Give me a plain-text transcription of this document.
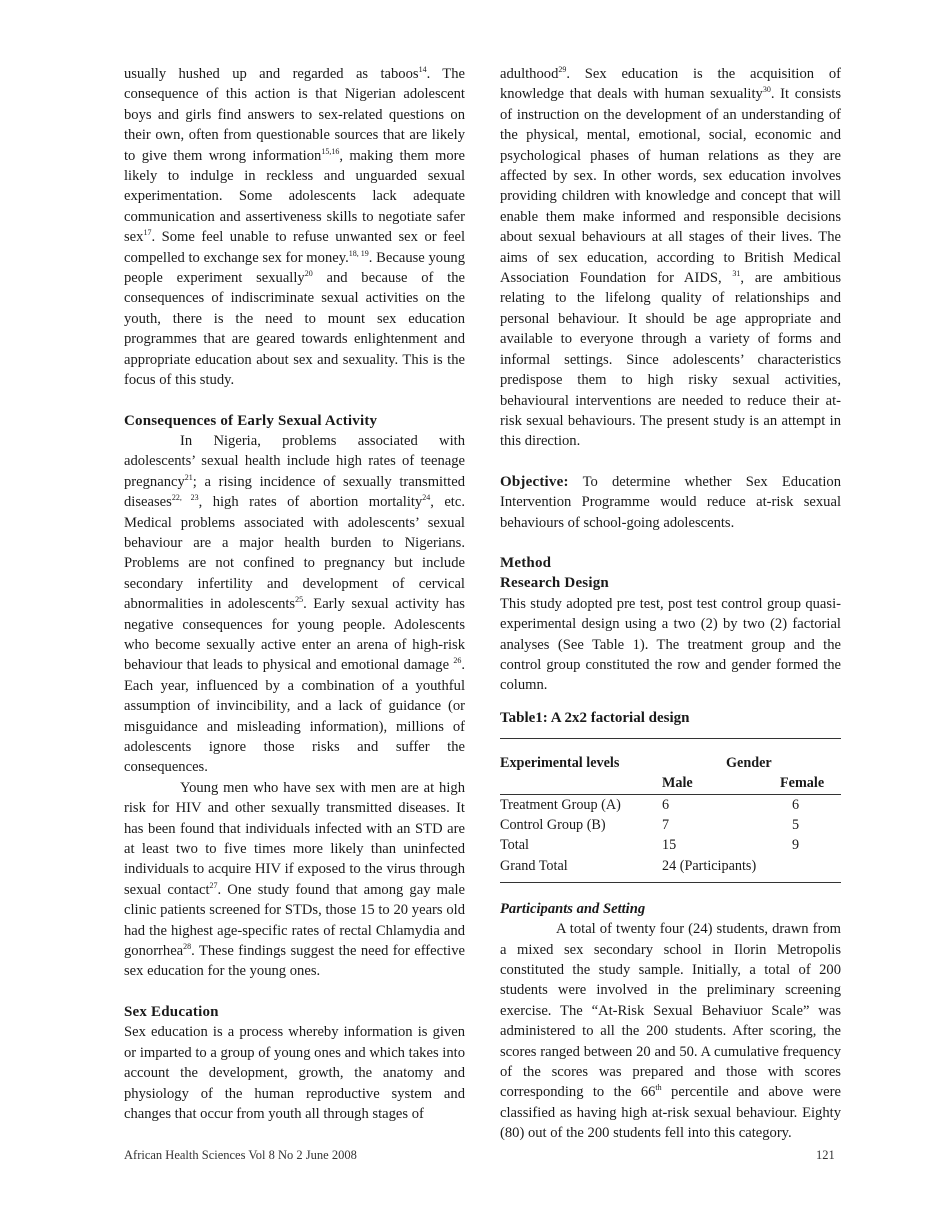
usually hushed up and regarded as taboos$^{14}$. The consequence of this action is that Nigerian adolescent boys and girls find answers to sex-related questions on their own, often from questionable sources that are likely to give them wrong information$^{15,16}$, making them more likely to indulge in reckless and unguarded sexual experimentation. Some adolescents lack adequate communication and assertiveness skills to negotiate safer sex$^{17}$. Some feel unable to refuse unwanted sex or feel compelled to exchange sex for money.$^{18, 19}$. Because young people experiment sexually$^{20}$ and because of the consequences of indiscriminate sexual activities on the youth, there is the need to mount sex education programmes that are geared towards enlightenment and appropriate education about sex and sexuality. This is the focus of this study.

Consequences of Early Sexual Activity

In Nigeria, problems associated with adolescents’ sexual health include high rates of teenage pregnancy$^{21}$; a rising incidence of sexually transmitted diseases$^{22, 23}$, high rates of abortion mortality$^{24}$, etc. Medical problems associated with adolescents’ sexual behaviour are a major health burden to Nigerians. Problems are not confined to pregnancy but include secondary infertility and development of cervical abnormalities in adolescents$^{25}$. Early sexual activity has negative consequences for young people. Adolescents who become sexually active enter an arena of high-risk behaviour that leads to physical and emotional damage $^{26}$. Each year, influenced by a combination of a youthful assumption of invincibility, and a lack of guidance (or misguidance and misleading information), millions of adolescents ignore those risks and suffer the consequences.

Young men who have sex with men are at high risk for HIV and other sexually transmitted diseases. It has been found that individuals infected with an STD are at least two to five times more likely than uninfected individuals to acquire HIV if exposed to the virus through sexual contact$^{27}$. One study found that among gay male clinic patients screened for STDs, those 15 to 20 years old had the highest age-specific rates of rectal Chlamydia and gonorrhea$^{28}$. These findings suggest the need for effective sex education for the young ones.

Sex Education

Sex education is a process whereby information is given or imparted to a group of young ones and which takes into account the development, growth, the anatomy and physiology of the human reproductive system and changes that occur from youth all through stages of

adulthood$^{29}$. Sex education is the acquisition of knowledge that deals with human sexuality$^{30}$. It consists of instruction on the development of an understanding of the physical, mental, emotional, social, economic and psychological phases of human relations as they are affected by sex. In other words, sex education involves providing children with knowledge and concept that will enable them make informed and responsible decisions about sexual behaviours at all stages of their lives. The aims of sex education, according to British Medical Association Foundation for AIDS, $^{31}$, are ambitious relating to the lifelong quality of relationships and personal behaviour. It should be age appropriate and available to everyone through a variety of forms and informal settings. Since adolescents’ characteristics predispose them to high risky sexual activities, behavioural interventions are needed to reduce their at-risk sexual behaviours. The present study is an attempt in this direction.

Objective: To determine whether Sex Education Intervention Programme would reduce at-risk sexual behaviours of school-going adolescents.

Method

Research Design

This study adopted pre test, post test control group quasi-experimental design using a two (2) by two (2) factorial analyses (See Table 1). The treatment group and the control group constituted the row and gender formed the column.

Table1: A 2x2 factorial design

Experimental levels	Gender	
	Male	Female
Treatment Group (A)	6	6
Control Group (B)	7	5
Total	15	9
Grand Total	24 (Participants)	

Participants and Setting

A total of twenty four (24) students, drawn from a mixed sex secondary school in Ilorin Metropolis constituted the study sample. Initially, a total of 200 students were involved in the preliminary screening exercise. The “At-Risk Sexual Behaviuor Scale” was administered to all the 200 students. After scoring, the scores ranged between 20 and 50. A cumulative frequency of the scores was prepared and those with scores corresponding to the 66th percentile and above were classified as having high at-risk sexual behaviour. Eighty (80) out of the 200 students fell into this category.

African Health Sciences Vol 8 No 2 June 2008	121
